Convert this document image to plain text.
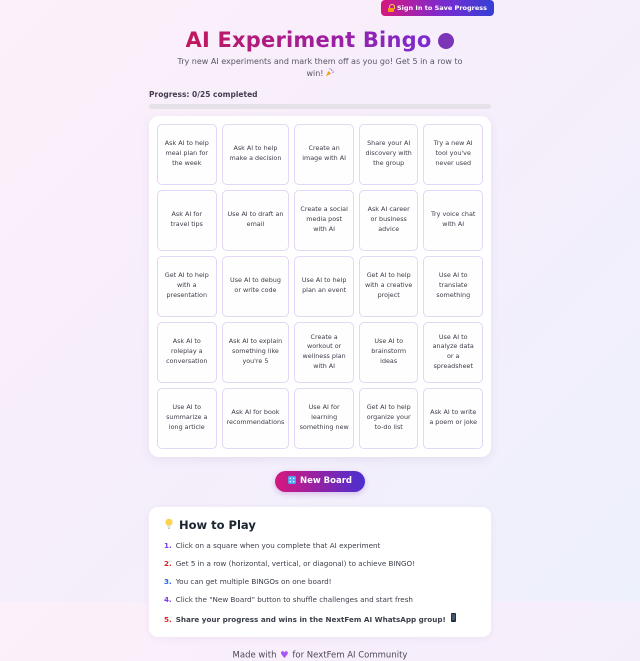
Sign In to Save Progress
AI Experiment Bingo

Try new AI experiments and mark them off as you go! Get 5 in a row to win!

Progress: 0/25 completed
Ask AI to help meal plan for the week
Ask AI to help make a decision
Create an image with AI
Share your AI discovery with the group
Try a new AI tool you've never used
Ask AI for travel tips
Use AI to draft an email
Create a social media post with AI
Ask AI career or business advice
Try voice chat with AI
Get AI to help with a presentation
Use AI to debug or write code
Use AI to help plan an event
Get AI to help with a creative project
Use AI to translate something
Ask AI to roleplay a conversation
Ask AI to explain something like you're 5
Create a workout or wellness plan with AI
Use AI to brainstorm ideas
Use AI to analyze data or a spreadsheet
Use AI to summarize a long article
Ask AI for book recommendations
Use AI for learning something new
Get AI to help organize your to-do list
Ask AI to write a poem or joke
New Board
How to Play
1. Click on a square when you complete that AI experiment
2. Get 5 in a row (horizontal, vertical, or diagonal) to achieve BINGO!
3. You can get multiple BINGOs on one board!
4. Click the "New Board" button to shuffle challenges and start fresh
5. Share your progress and wins in the NextFem AI WhatsApp group!
Made with ♥ for NextFem AI Community
